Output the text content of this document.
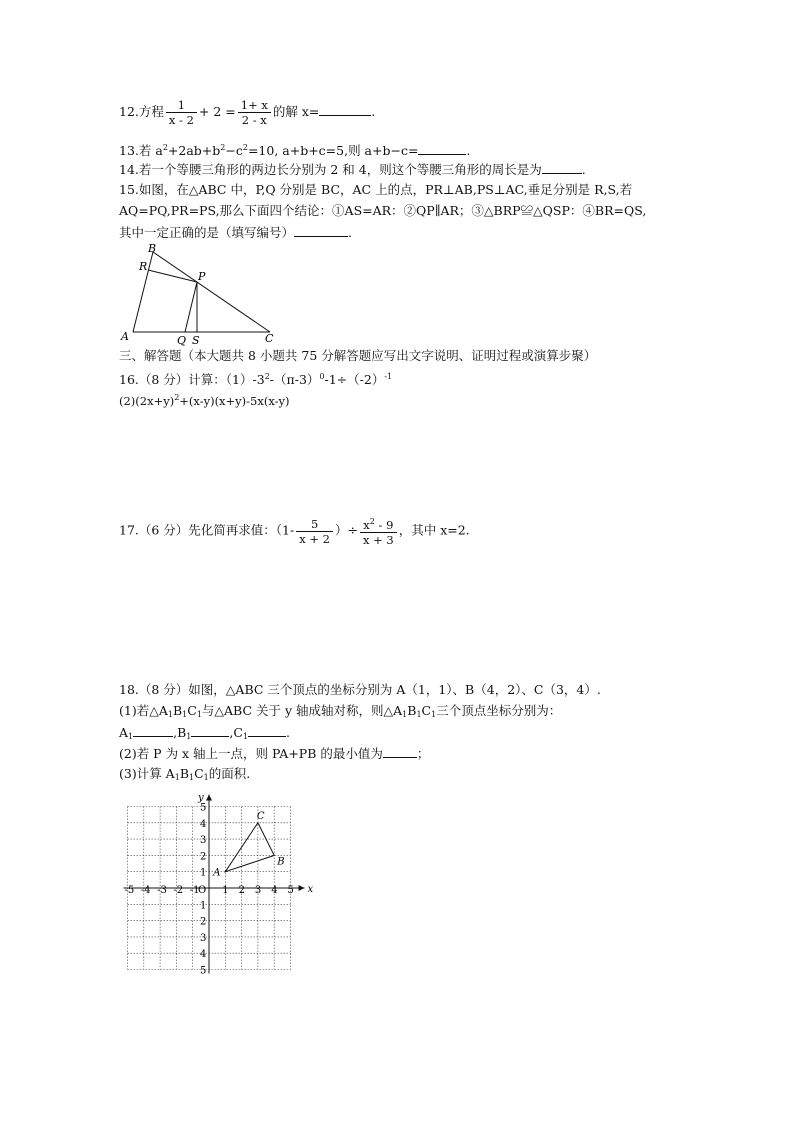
12.方程 $\frac{1}{x - 2} + 2 = \frac{1+ x}{2 - x}$ 的解 x=	.
13.若 $a^2+2ab+b^2-c^2=10$, a+b+c=5,则 a+b−c=	.
14.若一个等腰三角形的两边长分别为 2 和 4，则这个等腰三角形的周长是为	.
15.如图，在△ABC 中，P,Q 分别是 BC，AC 上的点，PR⊥AB,PS⊥AC,垂足分别是 R,S,若
AQ=PQ,PR=PS,那么下面四个结论：①AS=AR：②QP∥AR；③△BRP≌△QSP：④BR=QS,
其中一定正确的是（填写编号）	.
B
R
P
A	Q S	C
三、解答题（本大题共 8 小题共 75 分解答题应写出文字说明、证明过程或演算步聚）
16.（8 分）计算：$(1)-3^2-(\pi-3)^0-1\div(-2)^{-1}$
$(2)(2x+y)^2+(x-y)(x+y)-5x(x-y)$
17.（6 分）先化简再求值：（$1- \frac{5}{x + 2}$ ）÷ $\frac{x^2 - 9}{x + 3}$ ，其中 x=2.
18.（8 分）如图，△ABC 三个顶点的坐标分别为 A（1，1）、B（4，2）、C（3，4）.
(1)若$\triangle A_1B_1C_1$与△ABC 关于 y 轴成轴对称，则$\triangle A_1B_1C_1$三个顶点坐标分别为：
$A_1$	$,B_1$	$,C_1$	.
(2)若 P 为 x 轴上一点，则 PA+PB 的最小值为	；
(3)计算 $A_1B_1C_1$的面积.
x
y
-5 -4 -3 -2 -1 1 2 3 4 5
5
4
3
2
1
1
2
3
4
5
O
A
B
C
